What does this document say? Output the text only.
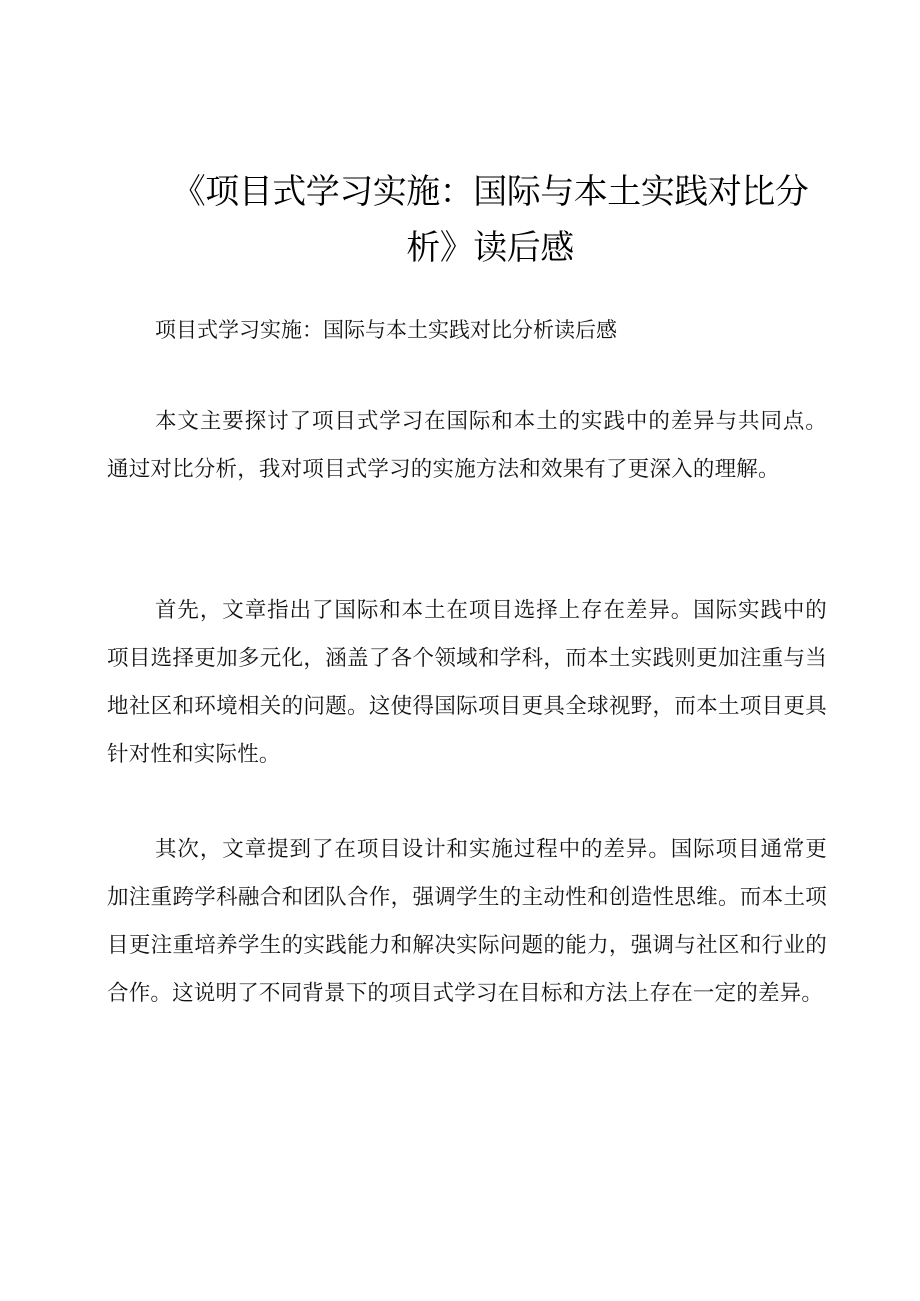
《项目式学习实施：国际与本土实践对比分析》读后感

项目式学习实施：国际与本土实践对比分析读后感

本文主要探讨了项目式学习在国际和本土的实践中的差异与共同点。通过对比分析，我对项目式学习的实施方法和效果有了更深入的理解。

首先，文章指出了国际和本土在项目选择上存在差异。国际实践中的项目选择更加多元化，涵盖了各个领域和学科，而本土实践则更加注重与当地社区和环境相关的问题。这使得国际项目更具全球视野，而本土项目更具针对性和实际性。

其次，文章提到了在项目设计和实施过程中的差异。国际项目通常更加注重跨学科融合和团队合作，强调学生的主动性和创造性思维。而本土项目更注重培养学生的实践能力和解决实际问题的能力，强调与社区和行业的合作。这说明了不同背景下的项目式学习在目标和方法上存在一定的差异。
